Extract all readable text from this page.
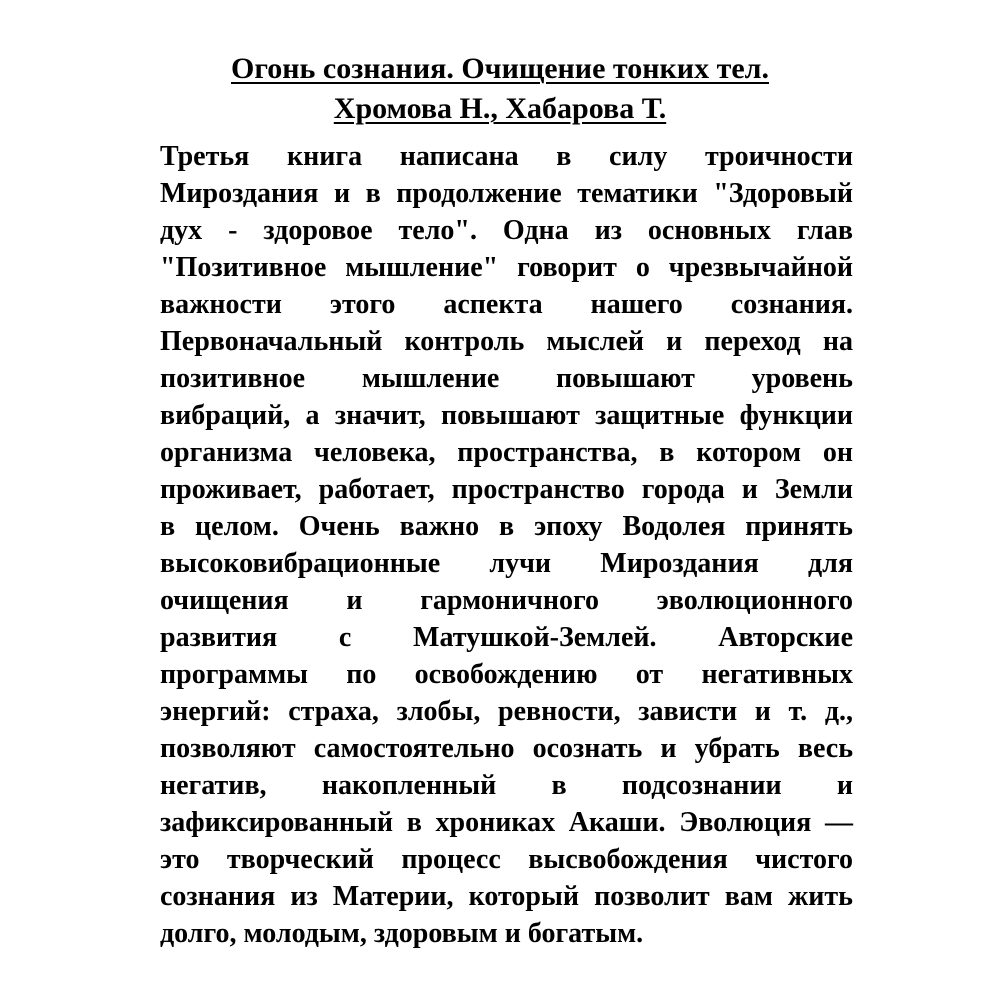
Огонь сознания. Очищение тонких тел.
Хромова Н., Хабарова Т.
Третья книга написана в силу троичности
Мироздания и в продолжение тематики "Здоровый
дух - здоровое тело". Одна из основных глав
"Позитивное мышление" говорит о чрезвычайной
важности этого аспекта нашего сознания.
Первоначальный контроль мыслей и переход на
позитивное мышление повышают уровень
вибраций, а значит, повышают защитные функции
организма человека, пространства, в котором он
проживает, работает, пространство города и Земли
в целом. Очень важно в эпоху Водолея принять
высоковибрационные лучи Мироздания для
очищения и гармоничного эволюционного
развития с Матушкой-Землей. Авторские
программы по освобождению от негативных
энергий: страха, злобы, ревности, зависти и т. д.,
позволяют самостоятельно осознать и убрать весь
негатив, накопленный в подсознании и
зафиксированный в хрониках Акаши. Эволюция —
это творческий процесс высвобождения чистого
сознания из Материи, который позволит вам жить
долго, молодым, здоровым и богатым.
